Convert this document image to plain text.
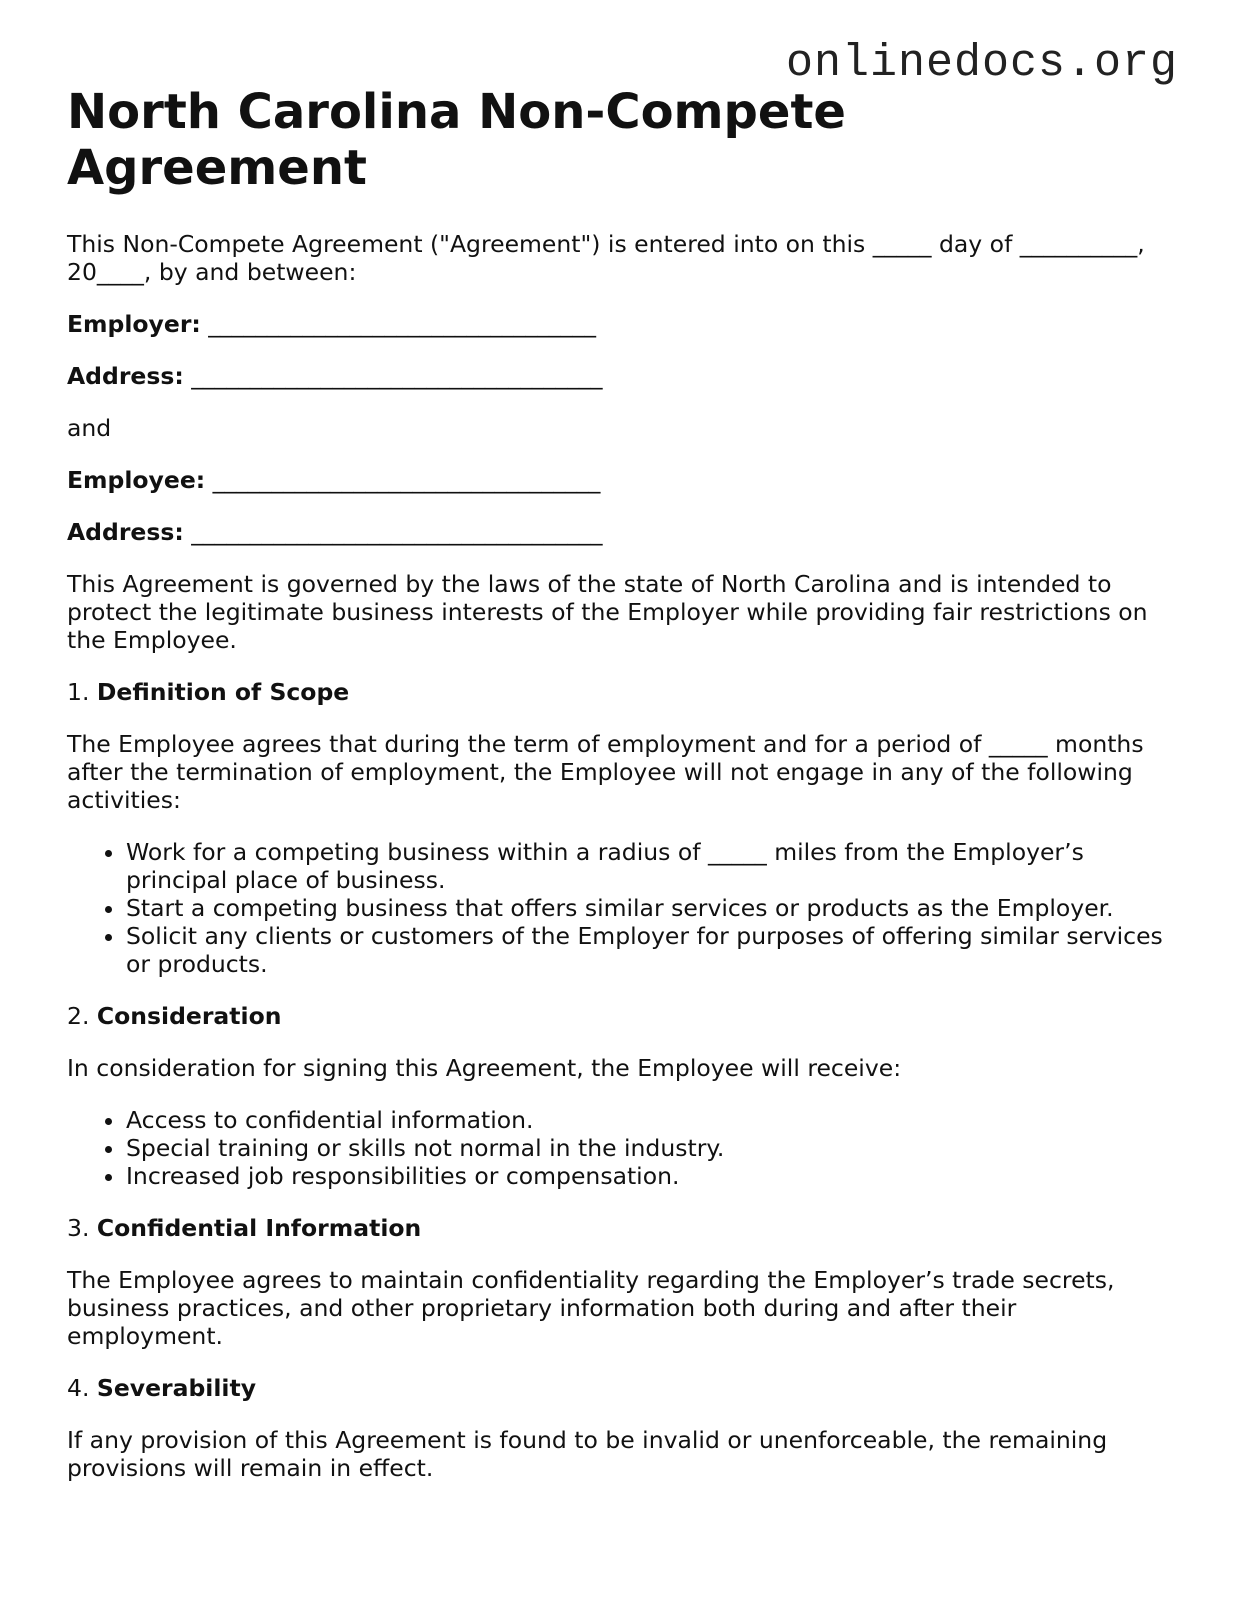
onlinedocs.org
North Carolina Non-Compete Agreement

This Non-Compete Agreement ("Agreement") is entered into on this _____ day of __________, 20____, by and between:

Employer: _________________________________

Address: ___________________________________

and

Employee: _________________________________

Address: ___________________________________

This Agreement is governed by the laws of the state of North Carolina and is intended to protect the legitimate business interests of the Employer while providing fair restrictions on the Employee.

1. Definition of Scope

The Employee agrees that during the term of employment and for a period of _____ months after the termination of employment, the Employee will not engage in any of the following activities:

• Work for a competing business within a radius of _____ miles from the Employer’s principal place of business.
• Start a competing business that offers similar services or products as the Employer.
• Solicit any clients or customers of the Employer for purposes of offering similar services or products.
2. Consideration

In consideration for signing this Agreement, the Employee will receive:

• Access to confidential information.
• Special training or skills not normal in the industry.
• Increased job responsibilities or compensation.
3. Confidential Information

The Employee agrees to maintain confidentiality regarding the Employer’s trade secrets, business practices, and other proprietary information both during and after their employment.

4. Severability

If any provision of this Agreement is found to be invalid or unenforceable, the remaining provisions will remain in effect.
